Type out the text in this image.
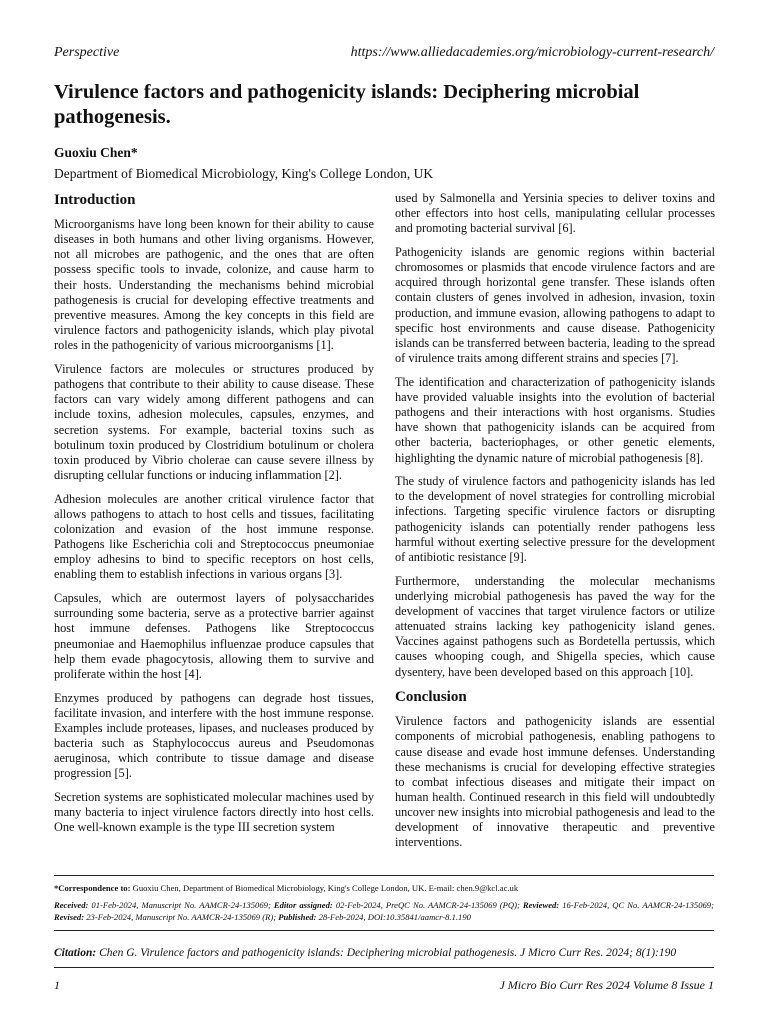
Perspective	https://www.alliedacademies.org/microbiology-current-research/
Virulence factors and pathogenicity islands: Deciphering microbial pathogenesis.
Guoxiu Chen*
Department of Biomedical Microbiology, King's College London, UK
Introduction

Microorganisms have long been known for their ability to cause diseases in both humans and other living organisms. However, not all microbes are pathogenic, and the ones that are often possess specific tools to invade, colonize, and cause harm to their hosts. Understanding the mechanisms behind microbial pathogenesis is crucial for developing effective treatments and preventive measures. Among the key concepts in this field are virulence factors and pathogenicity islands, which play pivotal roles in the pathogenicity of various microorganisms [1].

Virulence factors are molecules or structures produced by pathogens that contribute to their ability to cause disease. These factors can vary widely among different pathogens and can include toxins, adhesion molecules, capsules, enzymes, and secretion systems. For example, bacterial toxins such as botulinum toxin produced by Clostridium botulinum or cholera toxin produced by Vibrio cholerae can cause severe illness by disrupting cellular functions or inducing inflammation [2].

Adhesion molecules are another critical virulence factor that allows pathogens to attach to host cells and tissues, facilitating colonization and evasion of the host immune response. Pathogens like Escherichia coli and Streptococcus pneumoniae employ adhesins to bind to specific receptors on host cells, enabling them to establish infections in various organs [3].

Capsules, which are outermost layers of polysaccharides surrounding some bacteria, serve as a protective barrier against host immune defenses. Pathogens like Streptococcus pneumoniae and Haemophilus influenzae produce capsules that help them evade phagocytosis, allowing them to survive and proliferate within the host [4].

Enzymes produced by pathogens can degrade host tissues, facilitate invasion, and interfere with the host immune response. Examples include proteases, lipases, and nucleases produced by bacteria such as Staphylococcus aureus and Pseudomonas aeruginosa, which contribute to tissue damage and disease progression [5].

Secretion systems are sophisticated molecular machines used by many bacteria to inject virulence factors directly into host cells. One well-known example is the type III secretion system

used by Salmonella and Yersinia species to deliver toxins and other effectors into host cells, manipulating cellular processes and promoting bacterial survival [6].

Pathogenicity islands are genomic regions within bacterial chromosomes or plasmids that encode virulence factors and are acquired through horizontal gene transfer. These islands often contain clusters of genes involved in adhesion, invasion, toxin production, and immune evasion, allowing pathogens to adapt to specific host environments and cause disease. Pathogenicity islands can be transferred between bacteria, leading to the spread of virulence traits among different strains and species [7].

The identification and characterization of pathogenicity islands have provided valuable insights into the evolution of bacterial pathogens and their interactions with host organisms. Studies have shown that pathogenicity islands can be acquired from other bacteria, bacteriophages, or other genetic elements, highlighting the dynamic nature of microbial pathogenesis [8].

The study of virulence factors and pathogenicity islands has led to the development of novel strategies for controlling microbial infections. Targeting specific virulence factors or disrupting pathogenicity islands can potentially render pathogens less harmful without exerting selective pressure for the development of antibiotic resistance [9].

Furthermore, understanding the molecular mechanisms underlying microbial pathogenesis has paved the way for the development of vaccines that target virulence factors or utilize attenuated strains lacking key pathogenicity island genes. Vaccines against pathogens such as Bordetella pertussis, which causes whooping cough, and Shigella species, which cause dysentery, have been developed based on this approach [10].

Conclusion

Virulence factors and pathogenicity islands are essential components of microbial pathogenesis, enabling pathogens to cause disease and evade host immune defenses. Understanding these mechanisms is crucial for developing effective strategies to combat infectious diseases and mitigate their impact on human health. Continued research in this field will undoubtedly uncover new insights into microbial pathogenesis and lead to the development of innovative therapeutic and preventive interventions.

*Correspondence to: Guoxiu Chen, Department of Biomedical Microbiology, King's College London, UK. E-mail: chen.9@kcl.ac.uk
Received: 01-Feb-2024, Manuscript No. AAMCR-24-135069; Editor assigned: 02-Feb-2024, PreQC No. AAMCR-24-135069 (PQ); Reviewed: 16-Feb-2024, QC No. AAMCR-24-135069; Revised: 23-Feb-2024, Manuscript No. AAMCR-24-135069 (R); Published: 28-Feb-2024, DOI:10.35841/aamcr-8.1.190
Citation: Chen G. Virulence factors and pathogenicity islands: Deciphering microbial pathogenesis. J Micro Curr Res. 2024; 8(1):190
1	J Micro Bio Curr Res 2024 Volume 8 Issue 1
